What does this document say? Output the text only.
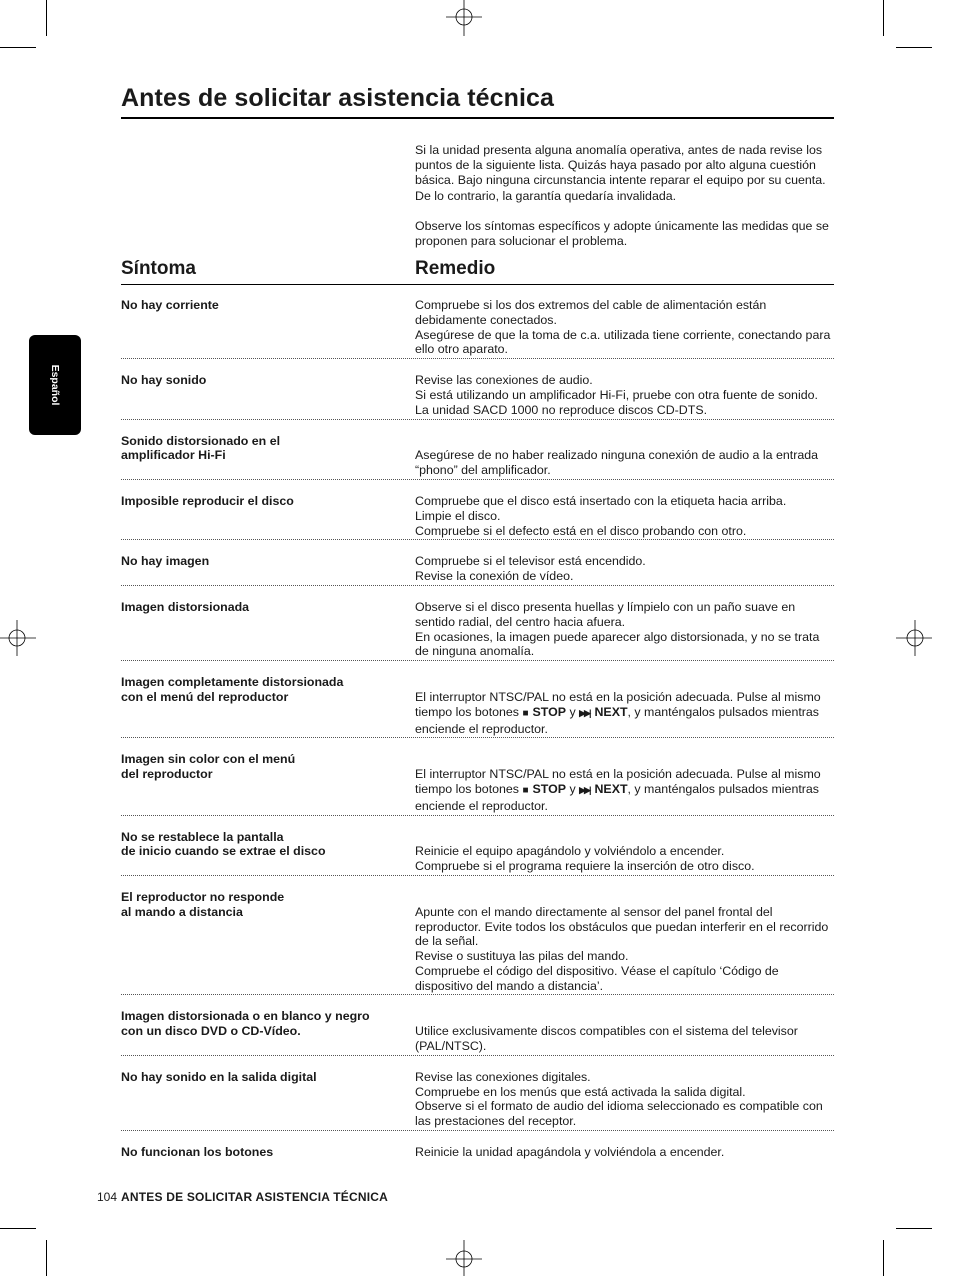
Antes de solicitar asistencia técnica

Si la unidad presenta alguna anomalía operativa, antes de nada revise los puntos de la siguiente lista. Quizás haya pasado por alto alguna cuestión básica. Bajo ninguna circunstancia intente reparar el equipo por su cuenta. De lo contrario, la garantía quedaría invalidada.

Observe los síntomas específicos y adopte únicamente las medidas que se proponen para solucionar el problema.

Español
Síntoma	Remedio
No hay corriente	Compruebe si los dos extremos del cable de alimentación están debidamente conectados.
Asegúrese de que la toma de c.a. utilizada tiene corriente, conectando para ello otro aparato.
No hay sonido	Revise las conexiones de audio.
Si está utilizando un amplificador Hi-Fi, pruebe con otra fuente de sonido.
La unidad SACD 1000 no reproduce discos CD-DTS.
Sonido distorsionado en el
amplificador Hi-Fi	Asegúrese de no haber realizado ninguna conexión de audio a la entrada “phono” del amplificador.
Imposible reproducir el disco	Compruebe que el disco está insertado con la etiqueta hacia arriba.
Limpie el disco.
Compruebe si el defecto está en el disco probando con otro.
No hay imagen	Compruebe si el televisor está encendido.
Revise la conexión de vídeo.
Imagen distorsionada	Observe si el disco presenta huellas y límpielo con un paño suave en sentido radial, del centro hacia afuera.
En ocasiones, la imagen puede aparecer algo distorsionada, y no se trata de ninguna anomalía.
Imagen completamente distorsionada
con el menú del reproductor	El interruptor NTSC/PAL no está en la posición adecuada. Pulse al mismo tiempo los botones ■ STOP y ▶▶| NEXT, y manténgalos pulsados mientras enciende el reproductor.
Imagen sin color con el menú
del reproductor	El interruptor NTSC/PAL no está en la posición adecuada. Pulse al mismo tiempo los botones ■ STOP y ▶▶| NEXT, y manténgalos pulsados mientras enciende el reproductor.
No se restablece la pantalla
de inicio cuando se extrae el disco	Reinicie el equipo apagándolo y volviéndolo a encender.
Compruebe si el programa requiere la inserción de otro disco.
El reproductor no responde
al mando a distancia	Apunte con el mando directamente al sensor del panel frontal del reproductor. Evite todos los obstáculos que puedan interferir en el recorrido de la señal.
Revise o sustituya las pilas del mando.
Compruebe el código del dispositivo. Véase el capítulo ‘Código de dispositivo del mando a distancia’.
Imagen distorsionada o en blanco y negro
con un disco DVD o CD-Vídeo.	Utilice exclusivamente discos compatibles con el sistema del televisor (PAL/NTSC).
No hay sonido en la salida digital	Revise las conexiones digitales.
Compruebe en los menús que está activada la salida digital.
Observe si el formato de audio del idioma seleccionado es compatible con las prestaciones del receptor.
No funcionan los botones	Reinicie la unidad apagándola y volviéndola a encender.
104 ANTES DE SOLICITAR ASISTENCIA TÉCNICA
